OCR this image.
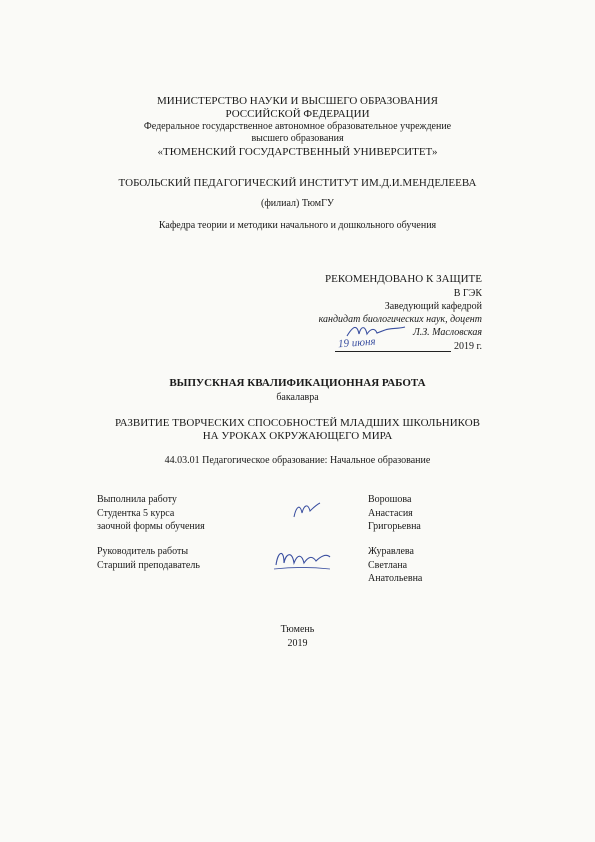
МИНИСТЕРСТВО НАУКИ И ВЫСШЕГО ОБРАЗОВАНИЯ
РОССИЙСКОЙ ФЕДЕРАЦИИ
Федеральное государственное автономное образовательное учреждение
высшего образования
«ТЮМЕНСКИЙ ГОСУДАРСТВЕННЫЙ УНИВЕРСИТЕТ»
ТОБОЛЬСКИЙ ПЕДАГОГИЧЕСКИЙ ИНСТИТУТ ИМ.Д.И.МЕНДЕЛЕЕВА
(филиал) ТюмГУ
Кафедра теории и методики начального и дошкольного обучения
РЕКОМЕНДОВАНО К ЗАЩИТЕ
В ГЭК
Заведующий кафедрой
кандидат биологических наук, доцент
Л.З. Масловская
19 июня	2019 г.
ВЫПУСКНАЯ КВАЛИФИКАЦИОННАЯ РАБОТА
бакалавра
РАЗВИТИЕ ТВОРЧЕСКИХ СПОСОБНОСТЕЙ МЛАДШИХ ШКОЛЬНИКОВ
НА УРОКАХ ОКРУЖАЮЩЕГО МИРА
44.03.01 Педагогическое образование: Начальное образование
Выполнила работу
Студентка 5 курса
заочной формы обучения
Ворошова
Анастасия
Григорьевна
Руководитель работы
Старший преподаватель
Журавлева
Светлана
Анатольевна
Тюмень
2019
